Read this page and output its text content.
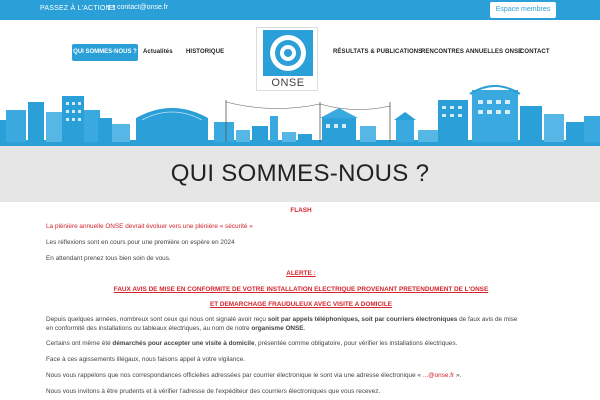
PASSEZ À L'ACTION ! contact@onse.fr	Espace membres
QUI SOMMES-NOUS ? Actualités HISTORIQUE	RÉSULTATS & PUBLICATIONS
RENCONTRES ANNUELLES ONSE
CONTACT
ONSE
QUI SOMMES-NOUS ?
FLASH
La plénière annuelle ONSE devrait évoluer vers une plénière « sécurité »
Les réflexions sont en cours pour une première on espère en 2024
En attendant prenez tous bien soin de vous.
ALERTE :
FAUX AVIS DE MISE EN CONFORMITE DE VOTRE INSTALLATION ELECTRIQUE PROVENANT PRETENDUMENT DE L'ONSE
ET DEMARCHAGE FRAUDULEUX AVEC VISITE A DOMICILE
Depuis quelques années, nombreux sont ceux qui nous ont signalé avoir reçu soit par appels téléphoniques, soit par courriers électroniques de faux avis de mise
en conformité des installations ou tableaux électriques, au nom de notre organisme ONSE.
Certains ont même été démarchés pour accepter une visite à domicile, présentée comme obligatoire, pour vérifier les installations électriques.
Face à ces agissements illégaux, nous faisons appel à votre vigilance.
Nous vous rappelons que nos correspondances officielles adressées par courrier électronique le sont via une adresse électronique « ...@onse.fr ».
Nous vous invitons à être prudents et à vérifier l'adresse de l'expéditeur des courriers électroniques que vous recevez.
